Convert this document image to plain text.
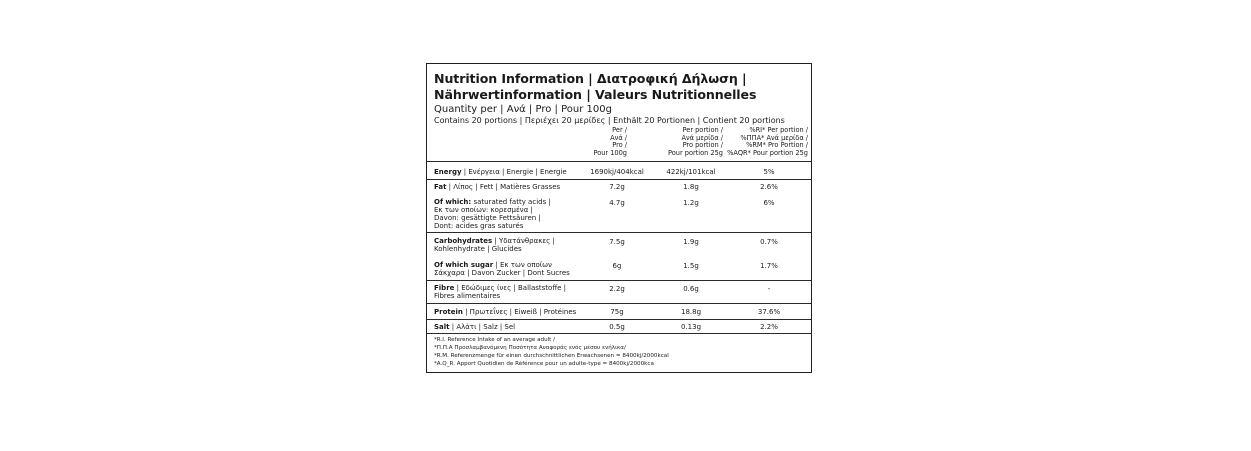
Nutrition Information | Διατροφική Δήλωση |
Nährwertinformation | Valeurs Nutritionnelles
Quantity per | Ανά | Pro | Pour 100g
Contains 20 portions | Περιέχει 20 μερίδες | Enthält 20 Portionen | Contient 20 portions
Per /
Ανά /
Pro /
Pour 100g
Per portion /
Ανά μερίδα /
Pro portion /
Pour portion 25g
%RI* Per portion /
%ΠΠΑ* Ανά μερίδα /
%RM* Pro Portion /
%AQR* Pour portion 25g
Energy | Ενέργεια | Energie | Energie	1690kj/404kcal	422kj/101kcal	5%
Fat | Λίπος | Fett | Matières Grasses	7.2g	1.8g	2.6%
Of which: saturated fatty acids |
Εκ των οποίων: κορεσμένα |
Davon: gesättigte Fettsäuren |
Dont: acides gras saturés
4.7g	1.2g	6%
Carbohydrates | Υδατάνθρακες |
Kohlenhydrate | Glucides
7.5g	1.9g	0.7%
Of which sugar | Εκ των οποίων
Σάκχαρα | Davon Zucker | Dont Sucres
6g	1.5g	1.7%
Fibre | Εδώδιμες ίνες | Ballaststoffe |
Fibres alimentaires
2.2g	0.6g	-
Protein | Πρωτεΐνες | Eiweiß | Protéines	75g	18.8g	37.6%
Salt | Αλάτι | Salz | Sel	0.5g	0.13g	2.2%
*R.I. Reference Intake of an average adult /
*Π.Π.Α Προσλαμβανόμενη Ποσότητα Αναφοράς ενός μέσου ενήλικα/
*R.M. Referenzmenge für einen durchschnittlichen Erwachsenen = 8400kj/2000kcal
*A.Q_R. Apport Quotidien de Référence pour un adulte-type = 8400kj/2000kca
